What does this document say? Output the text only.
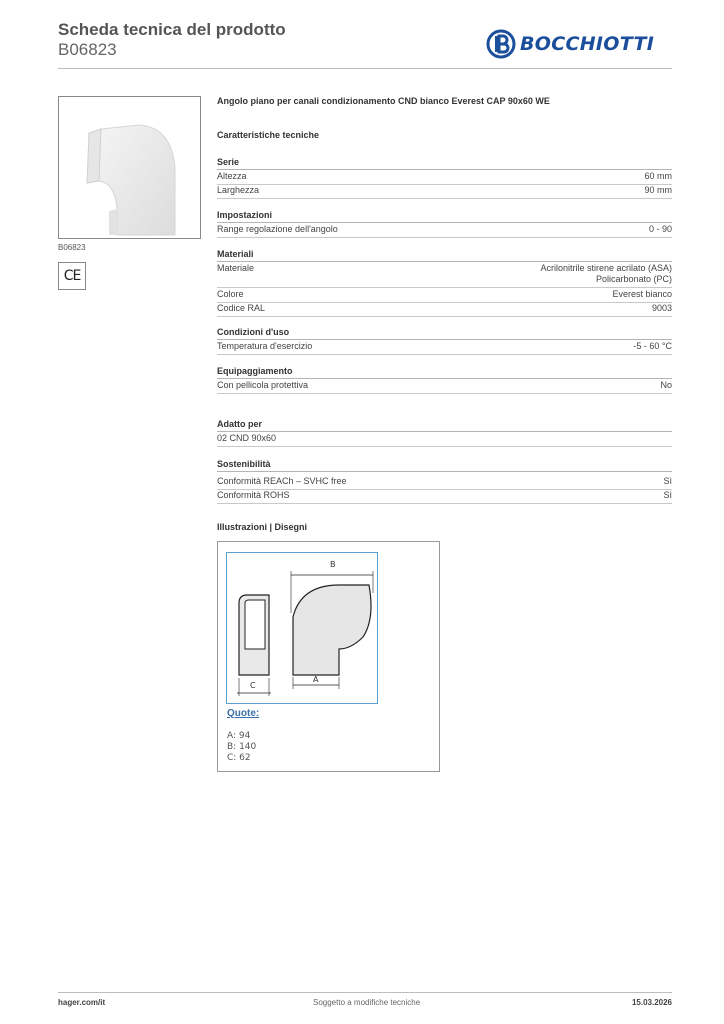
Scheda tecnica del prodotto
B06823	BOCCHIOTTI
B06823
CE
Angolo piano per canali condizionamento CND bianco Everest CAP 90x60 WE
Caratteristiche tecniche
Serie
Altezza	60 mm
Larghezza	90 mm
Impostazioni
Range regolazione dell'angolo	0 - 90
Materiali
Materiale	Acrilonitrile stirene acrilato (ASA)
Policarbonato (PC)
Colore	Everest bianco
Codice RAL	9003
Condizioni d'uso
Temperatura d'esercizio	-5 - 60 °C
Equipaggiamento
Con pellicola protettiva	No
Adatto per
02 CND 90x60
Sostenibilità
Conformità REACh – SVHC free	Sì
Conformità ROHS	Sì
Illustrazioni | Disegni
C
B
A
Quote:
A: 94
B: 140
C: 62
hager.com/it	Soggetto a modifiche tecniche	15.03.2026
